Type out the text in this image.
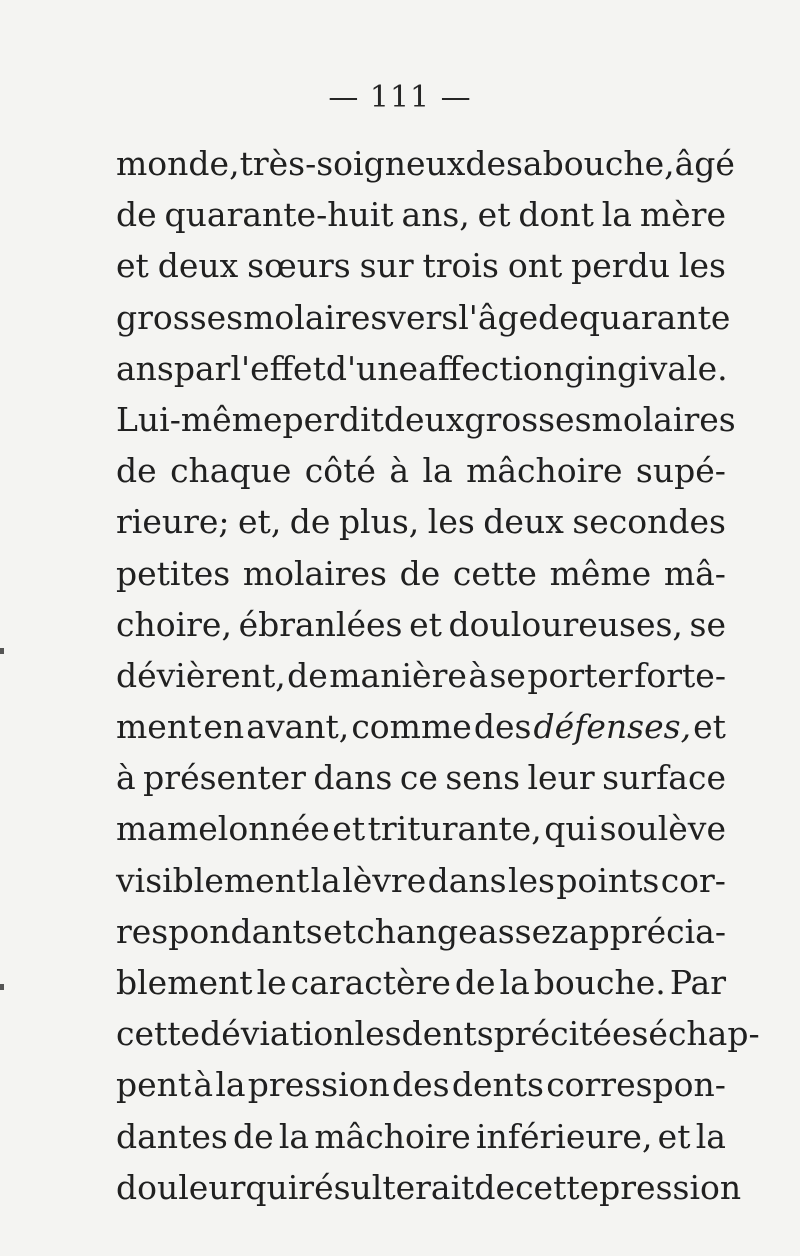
— 111 —
monde, très-soigneux de sa bouche, âgé
de quarante-huit ans, et dont la mère
et deux sœurs sur trois ont perdu les
grosses molaires vers l'âge de quarante
ans par l'effet d'une affection gingivale.
Lui-même perdit deux grosses molaires
de chaque côté à la mâchoire supé-
rieure; et, de plus, les deux secondes
petites molaires de cette même mâ-
choire, ébranlées et douloureuses, se
dévièrent, de manière à se porter forte-
ment en avant, comme des défenses, et
à présenter dans ce sens leur surface
mamelonnée et triturante, qui soulève
visiblement la lèvre dans les points cor-
respondants et change assez apprécia-
blement le caractère de la bouche. Par
cette déviation les dents précitées échap-
pent à la pression des dents correspon-
dantes de la mâchoire inférieure, et la
douleur qui résulterait de cette pression
